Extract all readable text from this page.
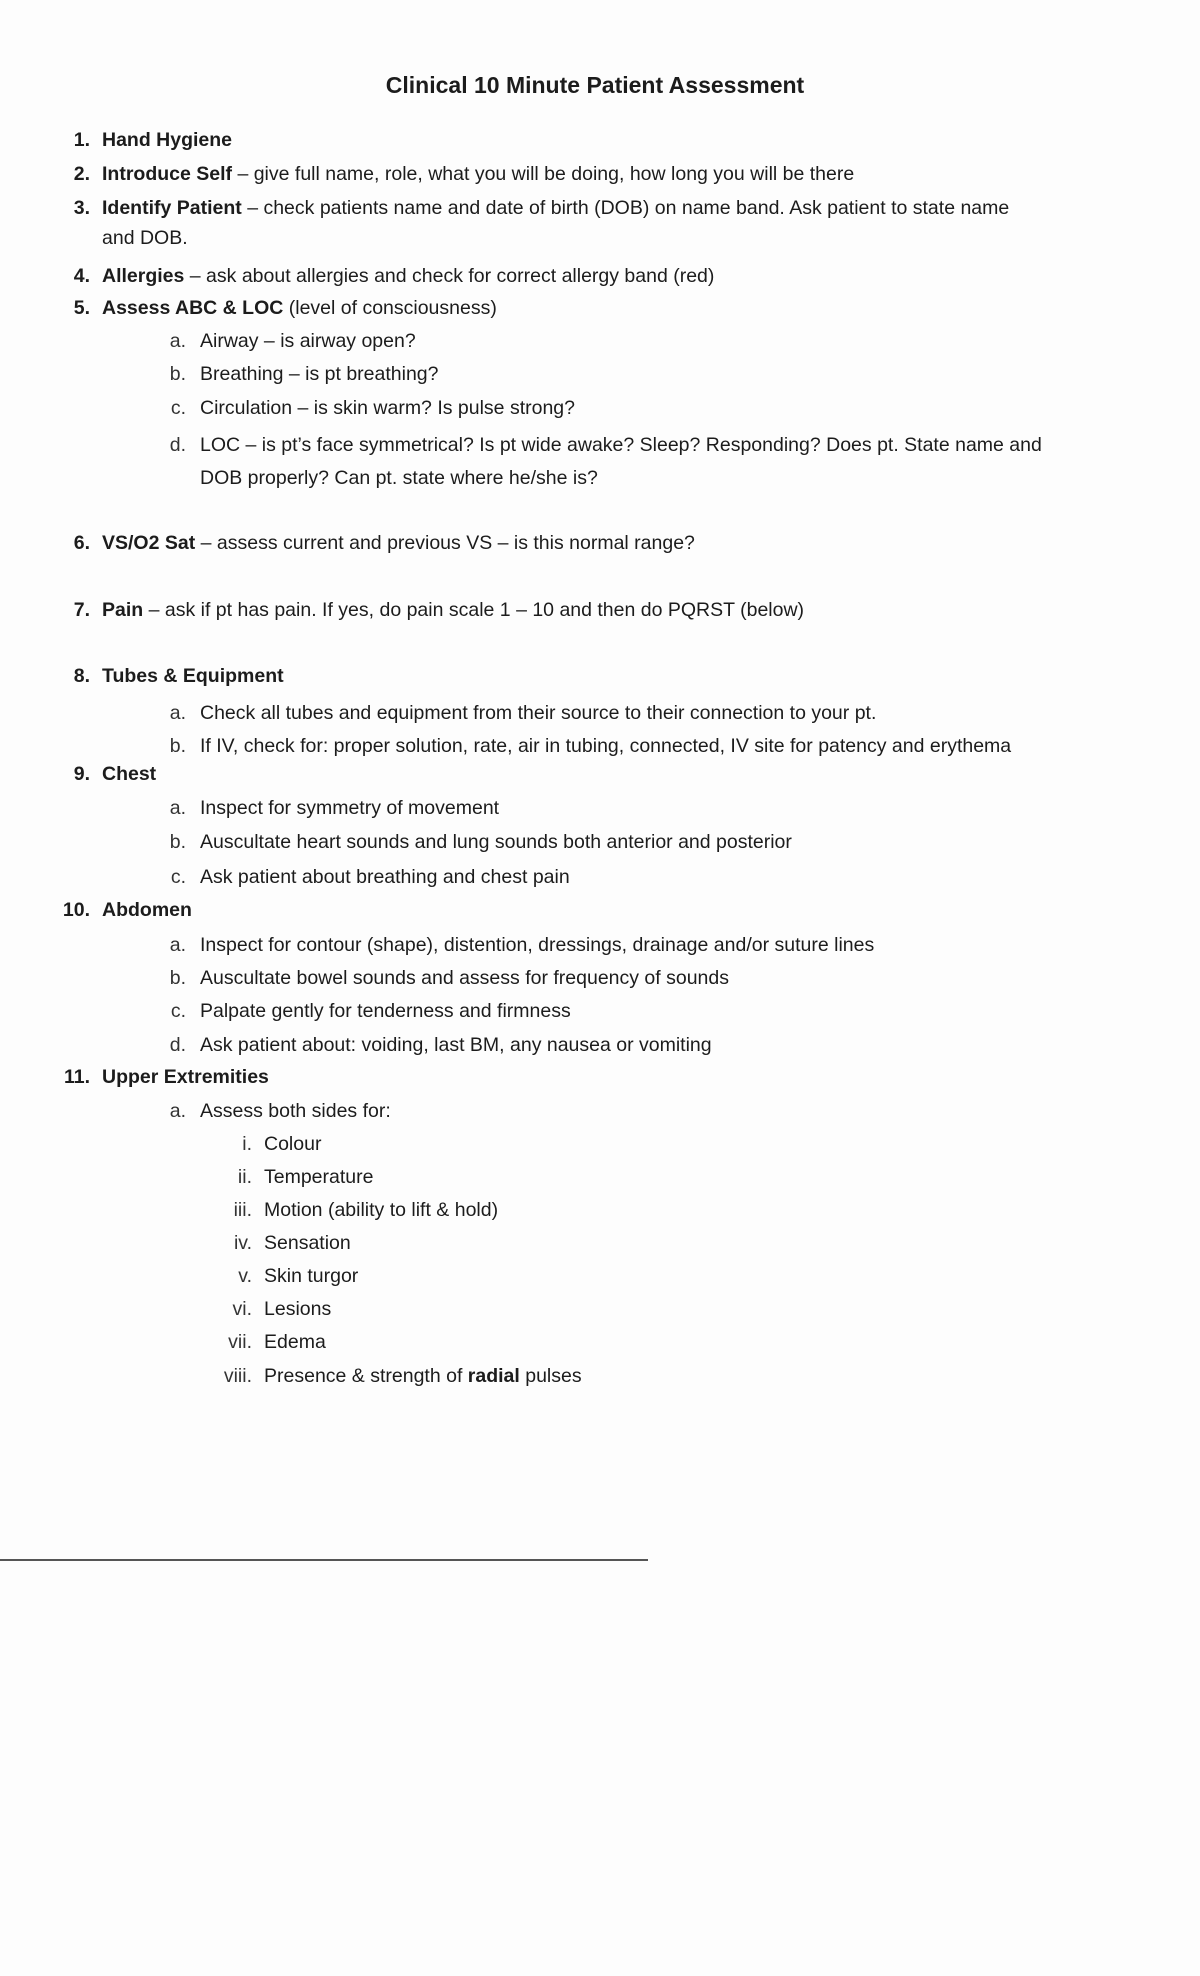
Clinical 10 Minute Patient Assessment
1. Hand Hygiene
2. Introduce Self – give full name, role, what you will be doing, how long you will be there
3. Identify Patient – check patients name and date of birth (DOB) on name band. Ask patient to state name
and DOB.
4. Allergies – ask about allergies and check for correct allergy band (red)
5. Assess ABC & LOC (level of consciousness)
a. Airway – is airway open?
b. Breathing – is pt breathing?
c. Circulation – is skin warm? Is pulse strong?
d. LOC – is pt’s face symmetrical? Is pt wide awake? Sleep? Responding? Does pt. State name and
DOB properly? Can pt. state where he/she is?
6. VS/O2 Sat – assess current and previous VS – is this normal range?
7. Pain – ask if pt has pain. If yes, do pain scale 1 – 10 and then do PQRST (below)
8. Tubes & Equipment
a. Check all tubes and equipment from their source to their connection to your pt.
b. If IV, check for: proper solution, rate, air in tubing, connected, IV site for patency and erythema
9. Chest
a. Inspect for symmetry of movement
b. Auscultate heart sounds and lung sounds both anterior and posterior
c. Ask patient about breathing and chest pain
10. Abdomen
a. Inspect for contour (shape), distention, dressings, drainage and/or suture lines
b. Auscultate bowel sounds and assess for frequency of sounds
c. Palpate gently for tenderness and firmness
d. Ask patient about: voiding, last BM, any nausea or vomiting
11. Upper Extremities
a. Assess both sides for:
i. Colour
ii. Temperature
iii. Motion (ability to lift & hold)
iv. Sensation
v. Skin turgor
vi. Lesions
vii. Edema
viii. Presence & strength of radial pulses
